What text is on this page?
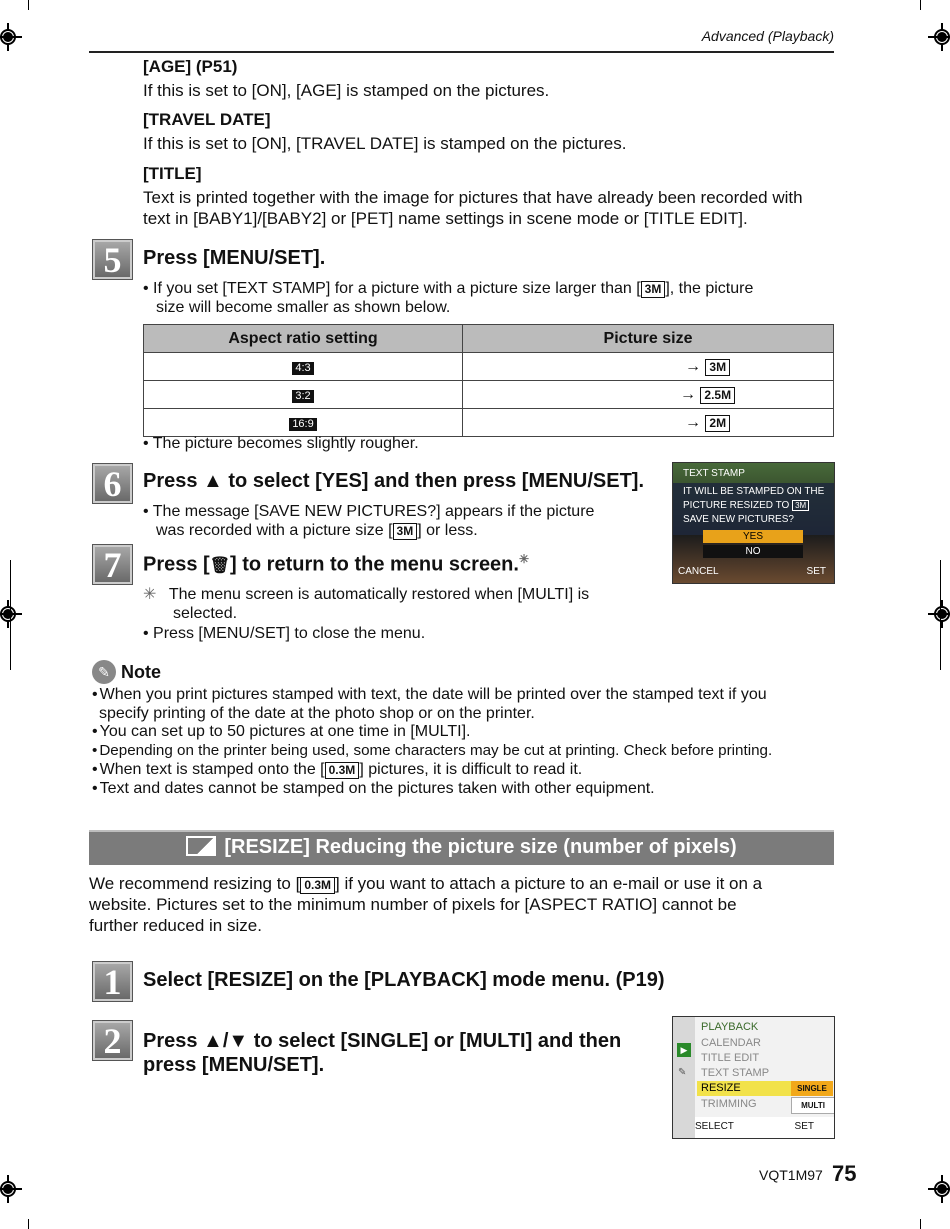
Advanced (Playback)
[AGE] (P51)
If this is set to [ON], [AGE] is stamped on the pictures.
[TRAVEL DATE]
If this is set to [ON], [TRAVEL DATE] is stamped on the pictures.
[TITLE]
Text is printed together with the image for pictures that have already been recorded with
text in [BABY1]/[BABY2] or [PET] name settings in scene mode or [TITLE EDIT].
5	Press [MENU/SET].
• If you set [TEXT STAMP] for a picture with a picture size larger than [ 3M ], the picture
size will become smaller as shown below.
Aspect ratio setting	Picture size
4:3	→ 3M
3:2	→ 2.5M
16:9	→ 2M
• The picture becomes slightly rougher.
6	Press ▲ to select [YES] and then press [MENU/SET].
• The message [SAVE NEW PICTURES?] appears if the picture
was recorded with a picture size [ 3M ] or less.
TEXT STAMP
IT WILL BE STAMPED ON THE
PICTURE RESIZED TO 3M
SAVE NEW PICTURES?
YES
NO
CANCEL	SET
7	Press [🗑] to return to the menu screen.✳
✳ The menu screen is automatically restored when [MULTI] is
selected.
• Press [MENU/SET] to close the menu.
✎ Note
• When you print pictures stamped with text, the date will be printed over the stamped text if you
specify printing of the date at the photo shop or on the printer.
• You can set up to 50 pictures at one time in [MULTI].
• Depending on the printer being used, some characters may be cut at printing. Check before printing.
• When text is stamped onto the [ 0.3M ] pictures, it is difficult to read it.
• Text and dates cannot be stamped on the pictures taken with other equipment.
[RESIZE] Reducing the picture size (number of pixels)
We recommend resizing to [ 0.3M ] if you want to attach a picture to an e-mail or use it on a
website. Pictures set to the minimum number of pixels for [ASPECT RATIO] cannot be
further reduced in size.
1	Select [RESIZE] on the [PLAYBACK] mode menu. (P19)
2	Press ▲/▼ to select [SINGLE] or [MULTI] and then
press [MENU/SET].
▶
✎
PLAYBACK
CALENDAR
TITLE EDIT
TEXT STAMP
RESIZE
TRIMMING
SINGLE
MULTI
SELECT	SET
VQT1M97 75
